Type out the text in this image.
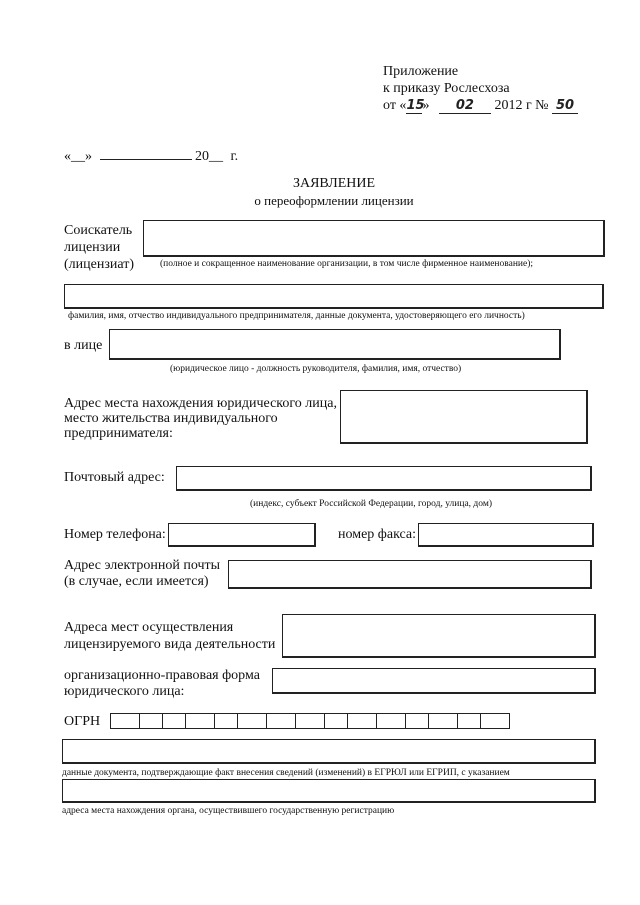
Приложение
к приказу Рослесхоза
от «15» 02 2012 г № 50
«__»	20__ г.
ЗАЯВЛЕНИЕ
о переоформлении лицензии
Соискатель
лицензии
(лицензиат)	(полное и сокращенное наименование организации, в том числе фирменное наименование);
фамилия, имя, отчество индивидуального предпринимателя, данные документа, удостоверяющего его личность)
в лице
(юридическое лицо - должность руководителя, фамилия, имя, отчество)
Адрес места нахождения юридического лица,
место жительства индивидуального
предпринимателя:
Почтовый адрес:
(индекс, субъект Российской Федерации, город, улица, дом)
Номер телефона:	номер факса:
Адрес электронной почты
(в случае, если имеется)
Адреса мест осуществления
лицензируемого вида деятельности
организационно-правовая форма
юридического лица:
ОГРН
данные документа, подтверждающие факт внесения сведений (изменений) в ЕГРЮЛ или ЕГРИП, с указанием
адреса места нахождения органа, осуществившего государственную регистрацию
